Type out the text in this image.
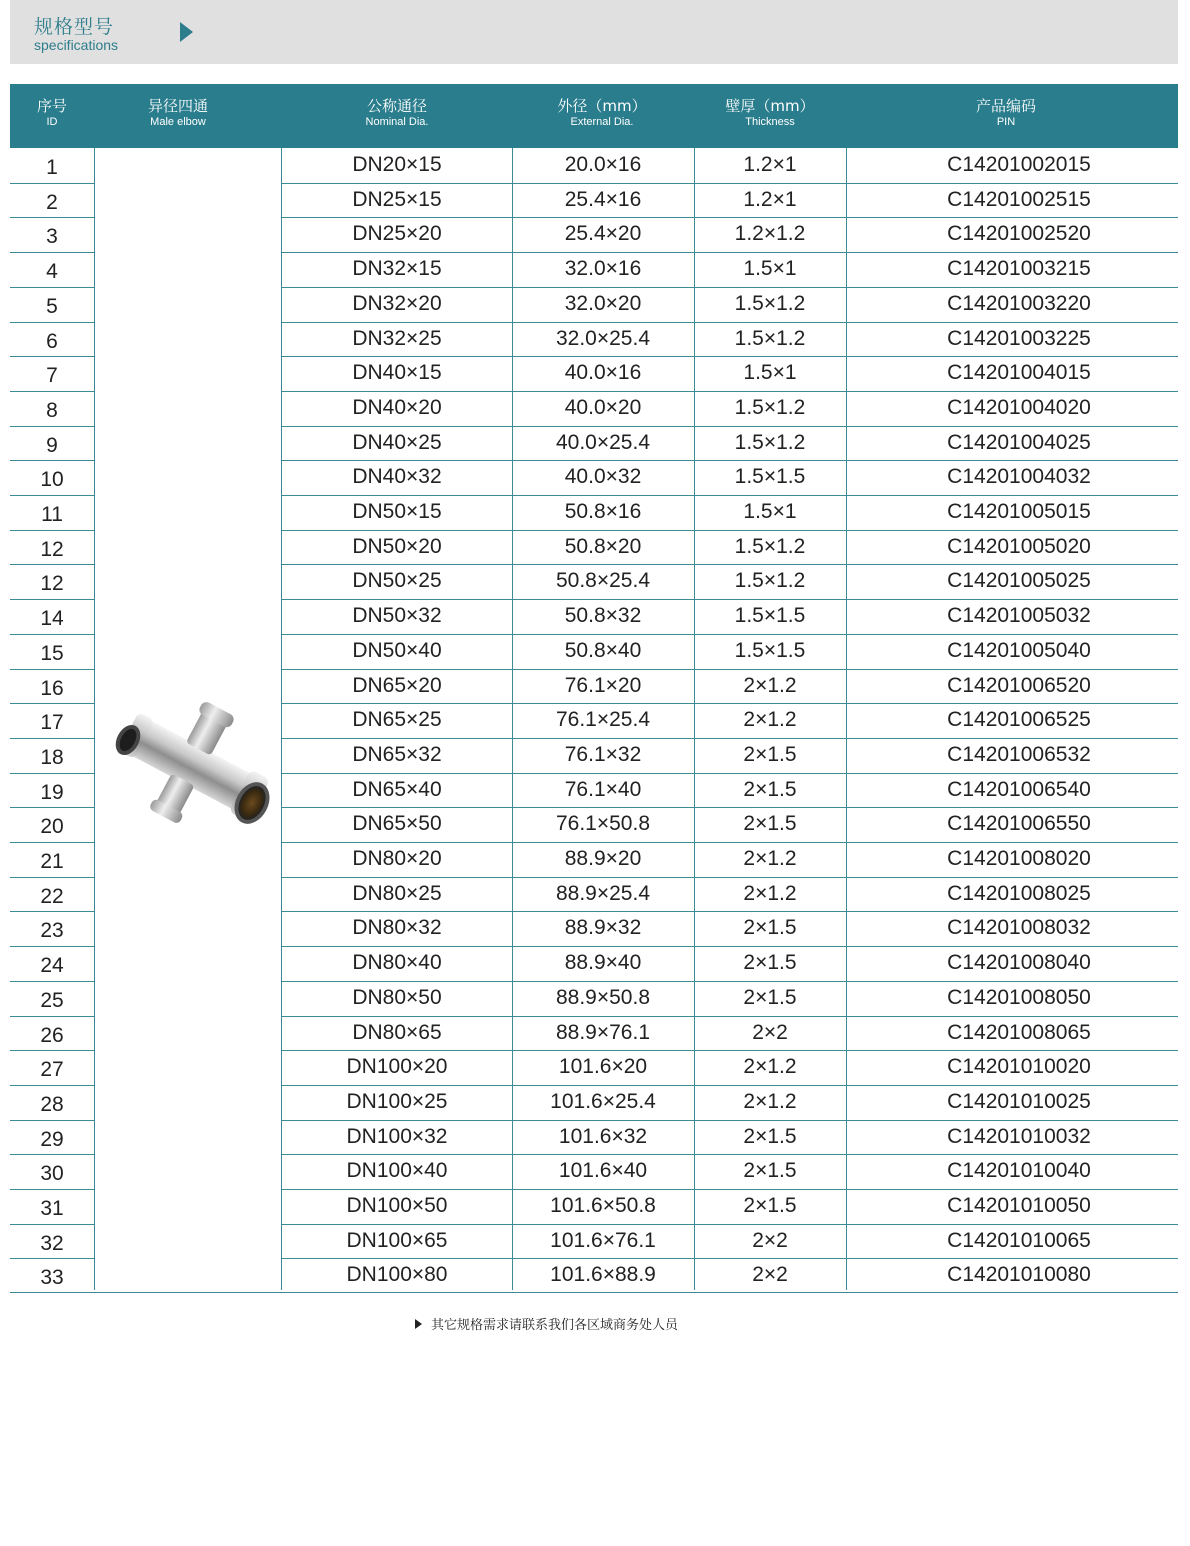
规格型号
specifications
序号
ID
异径四通
Male elbow
公称通径
Nominal Dia.
外径（mm）
External Dia.
壁厚（mm）
Thickness
产品编码
PIN
1	DN20×15	20.0×16	1.2×1	C14201002015
2	DN25×15	25.4×16	1.2×1	C14201002515
3	DN25×20	25.4×20	1.2×1.2	C14201002520
4	DN32×15	32.0×16	1.5×1	C14201003215
5	DN32×20	32.0×20	1.5×1.2	C14201003220
6	DN32×25	32.0×25.4	1.5×1.2	C14201003225
7	DN40×15	40.0×16	1.5×1	C14201004015
8	DN40×20	40.0×20	1.5×1.2	C14201004020
9	DN40×25	40.0×25.4	1.5×1.2	C14201004025
10	DN40×32	40.0×32	1.5×1.5	C14201004032
11	DN50×15	50.8×16	1.5×1	C14201005015
12	DN50×20	50.8×20	1.5×1.2	C14201005020
12	DN50×25	50.8×25.4	1.5×1.2	C14201005025
14	DN50×32	50.8×32	1.5×1.5	C14201005032
15	DN50×40	50.8×40	1.5×1.5	C14201005040
16	DN65×20	76.1×20	2×1.2	C14201006520
17	DN65×25	76.1×25.4	2×1.2	C14201006525
18	DN65×32	76.1×32	2×1.5	C14201006532
19	DN65×40	76.1×40	2×1.5	C14201006540
20	DN65×50	76.1×50.8	2×1.5	C14201006550
21	DN80×20	88.9×20	2×1.2	C14201008020
22	DN80×25	88.9×25.4	2×1.2	C14201008025
23	DN80×32	88.9×32	2×1.5	C14201008032
24	DN80×40	88.9×40	2×1.5	C14201008040
25	DN80×50	88.9×50.8	2×1.5	C14201008050
26	DN80×65	88.9×76.1	2×2	C14201008065
27	DN100×20	101.6×20	2×1.2	C14201010020
28	DN100×25	101.6×25.4	2×1.2	C14201010025
29	DN100×32	101.6×32	2×1.5	C14201010032
30	DN100×40	101.6×40	2×1.5	C14201010040
31	DN100×50	101.6×50.8	2×1.5	C14201010050
32	DN100×65	101.6×76.1	2×2	C14201010065
33	DN100×80	101.6×88.9	2×2	C14201010080
其它规格需求请联系我们各区域商务处人员
